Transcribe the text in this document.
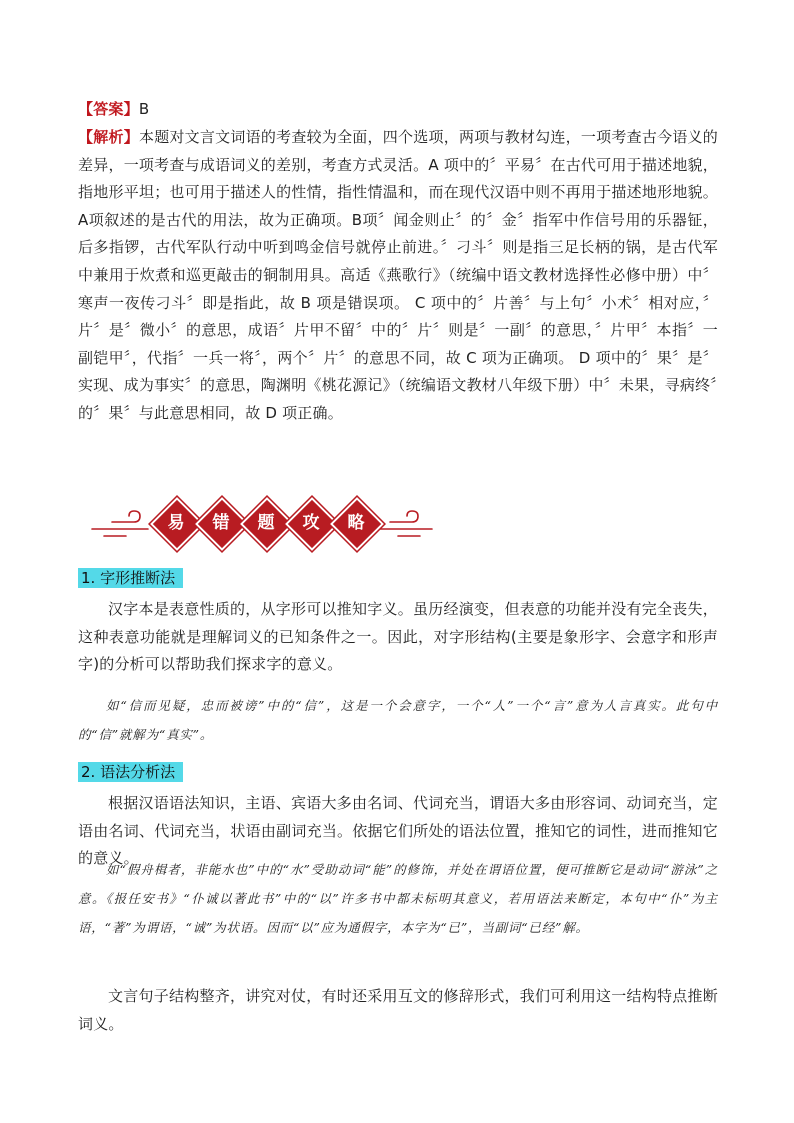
【答案】B

【解析】本题对文言文词语的考查较为全面，四个选项，两项与教材勾连，一项考查古今语义的差异，一项考查与成语词义的差别，考查方式灵活。A 项中的〞平易〞在古代可用于描述地貌，指地形平坦；也可用于描述人的性情，指性情温和，而在现代汉语中则不再用于描述地形地貌。A项叙述的是古代的用法，故为正确项。B项〞闻金则止〞的〞金〞指军中作信号用的乐器钲，后多指锣，古代军队行动中听到鸣金信号就停止前进。〞刁斗〞则是指三足长柄的锅，是古代军中兼用于炊煮和巡更敲击的铜制用具。高适《燕歌行》（统编中语文教材选择性必修中册）中〞寒声一夜传刁斗〞即是指此，故 B 项是错误项。 C 项中的〞片善〞与上句〞小术〞相对应，〞片〞是〞微小〞的意思，成语〞片甲不留〞中的〞片〞则是〞一副〞的意思，〞片甲〞本指〞一副铠甲〞，代指〞一兵一将〞，两个〞片〞的意思不同，故 C 项为正确项。 D 项中的〞果〞是〞实现、成为事实〞的意思，陶渊明《桃花源记》（统编语文教材八年级下册）中〞未果，寻病终〞的〞果〞与此意思相同，故 D 项正确。

易	错	题	攻	略
1. 字形推断法

汉字本是表意性质的，从字形可以推知字义。虽历经演变，但表意的功能并没有完全丧失，这种表意功能就是理解词义的已知条件之一。因此，对字形结构(主要是象形字、会意字和形声字)的分析可以帮助我们探求字的意义。

如“信而见疑，忠而被谤”中的“信”，这是一个会意字，一个“人”一个“言”意为人言真实。此句中的“信”就解为“真实”。

2. 语法分析法

根据汉语语法知识，主语、宾语大多由名词、代词充当，谓语大多由形容词、动词充当，定语由名词、代词充当，状语由副词充当。依据它们所处的语法位置，推知它的词性，进而推知它的意义。

如“假舟楫者，非能水也”中的“水”受助动词“能”的修饰，并处在谓语位置，便可推断它是动词“游泳”之意。《报任安书》“仆诚以著此书”中的“以”许多书中都未标明其意义，若用语法来断定，本句中“仆”为主语，“著”为谓语，“诚”为状语。因而“以”应为通假字，本字为“已”，当副词“已经”解。

文言句子结构整齐，讲究对仗，有时还采用互文的修辞形式，我们可利用这一结构特点推断词义。
